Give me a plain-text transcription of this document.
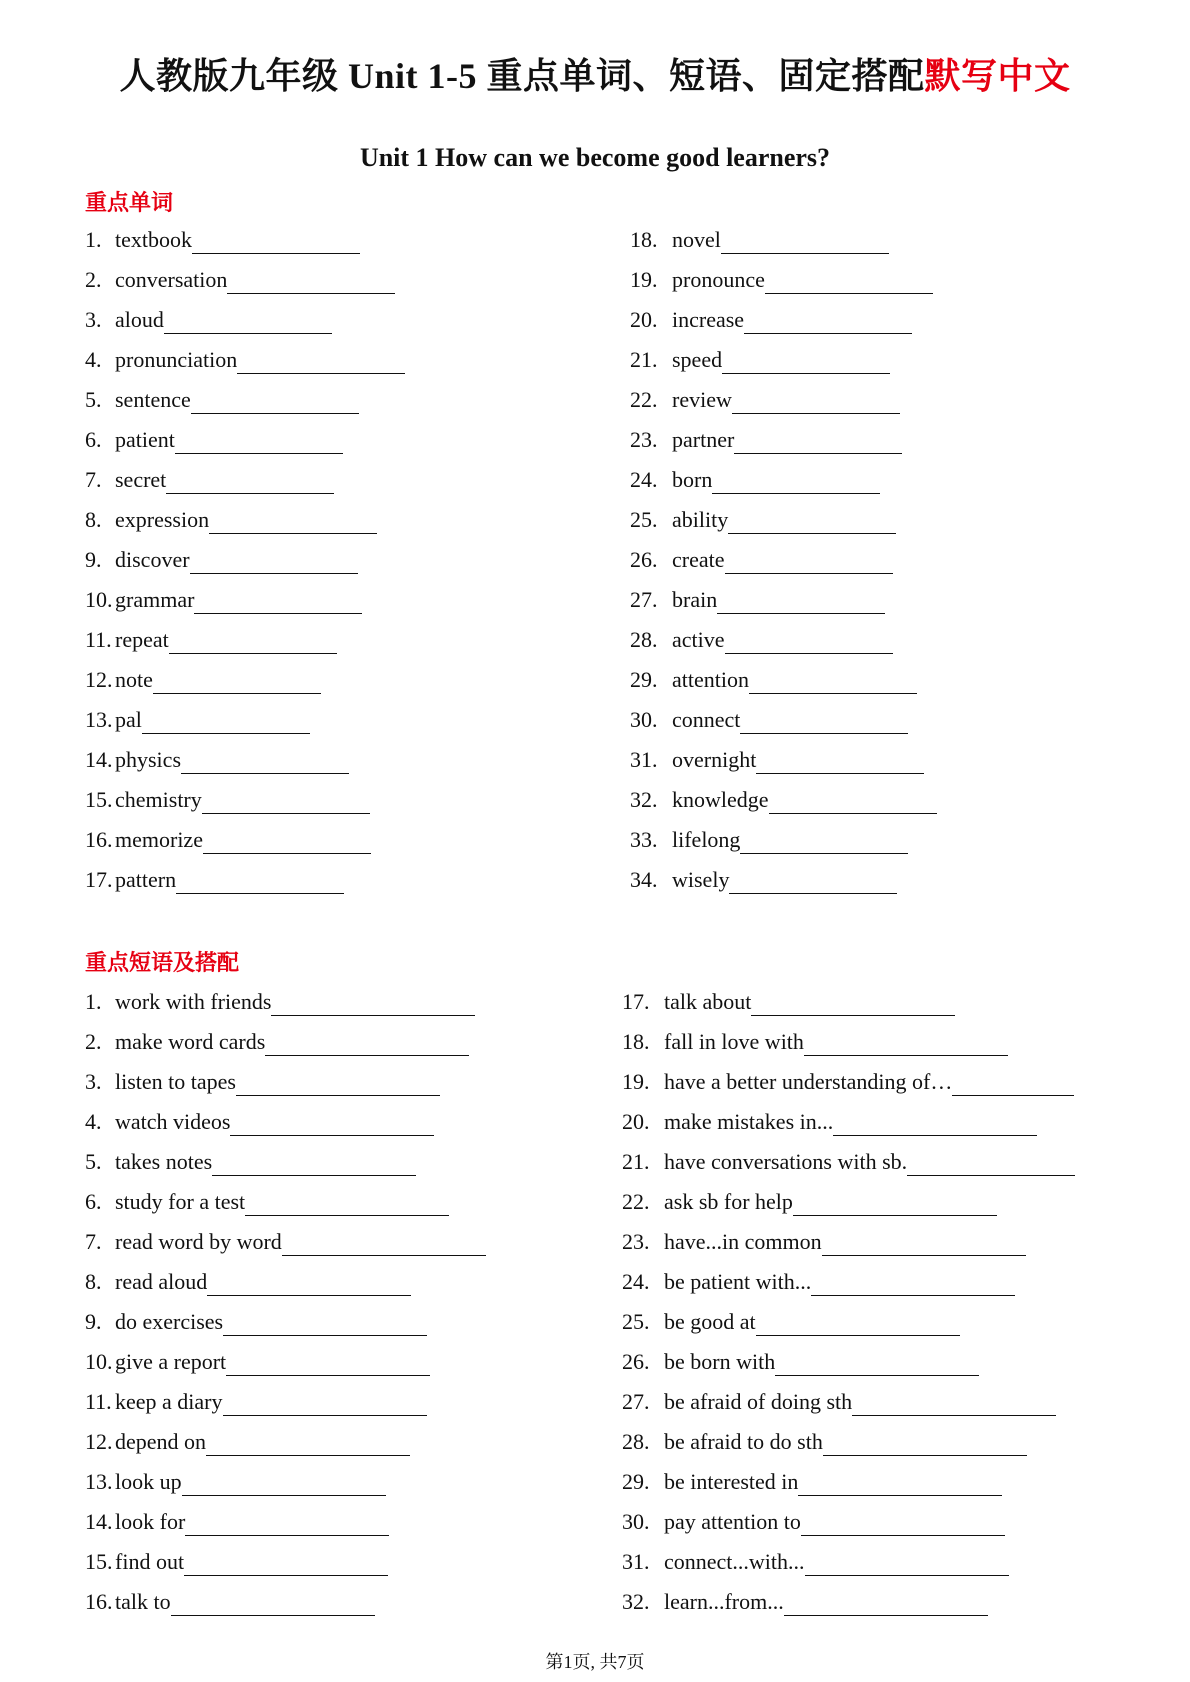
人教版九年级 Unit 1-5 重点单词、短语、固定搭配默写中文
Unit 1 How can we become good learners?
重点单词
1. textbook
2. conversation
3. aloud
4. pronunciation
5. sentence
6. patient
7. secret
8. expression
9. discover
10. grammar
11. repeat
12. note
13. pal
14. physics
15. chemistry
16. memorize
17. pattern
18. novel
19. pronounce
20. increase
21. speed
22. review
23. partner
24. born
25. ability
26. create
27. brain
28. active
29. attention
30. connect
31. overnight
32. knowledge
33. lifelong
34. wisely
重点短语及搭配
1. work with friends
2. make word cards
3. listen to tapes
4. watch videos
5. takes notes
6. study for a test
7. read word by word
8. read aloud
9. do exercises
10. give a report
11. keep a diary
12. depend on
13. look up
14. look for
15. find out
16. talk to
17. talk about
18. fall in love with
19. have a better understanding of…
20. make mistakes in...
21. have conversations with sb.
22. ask sb for help
23. have...in common
24. be patient with...
25. be good at
26. be born with
27. be afraid of doing sth
28. be afraid to do sth
29. be interested in
30. pay attention to
31. connect...with...
32. learn...from...
第1页, 共7页
